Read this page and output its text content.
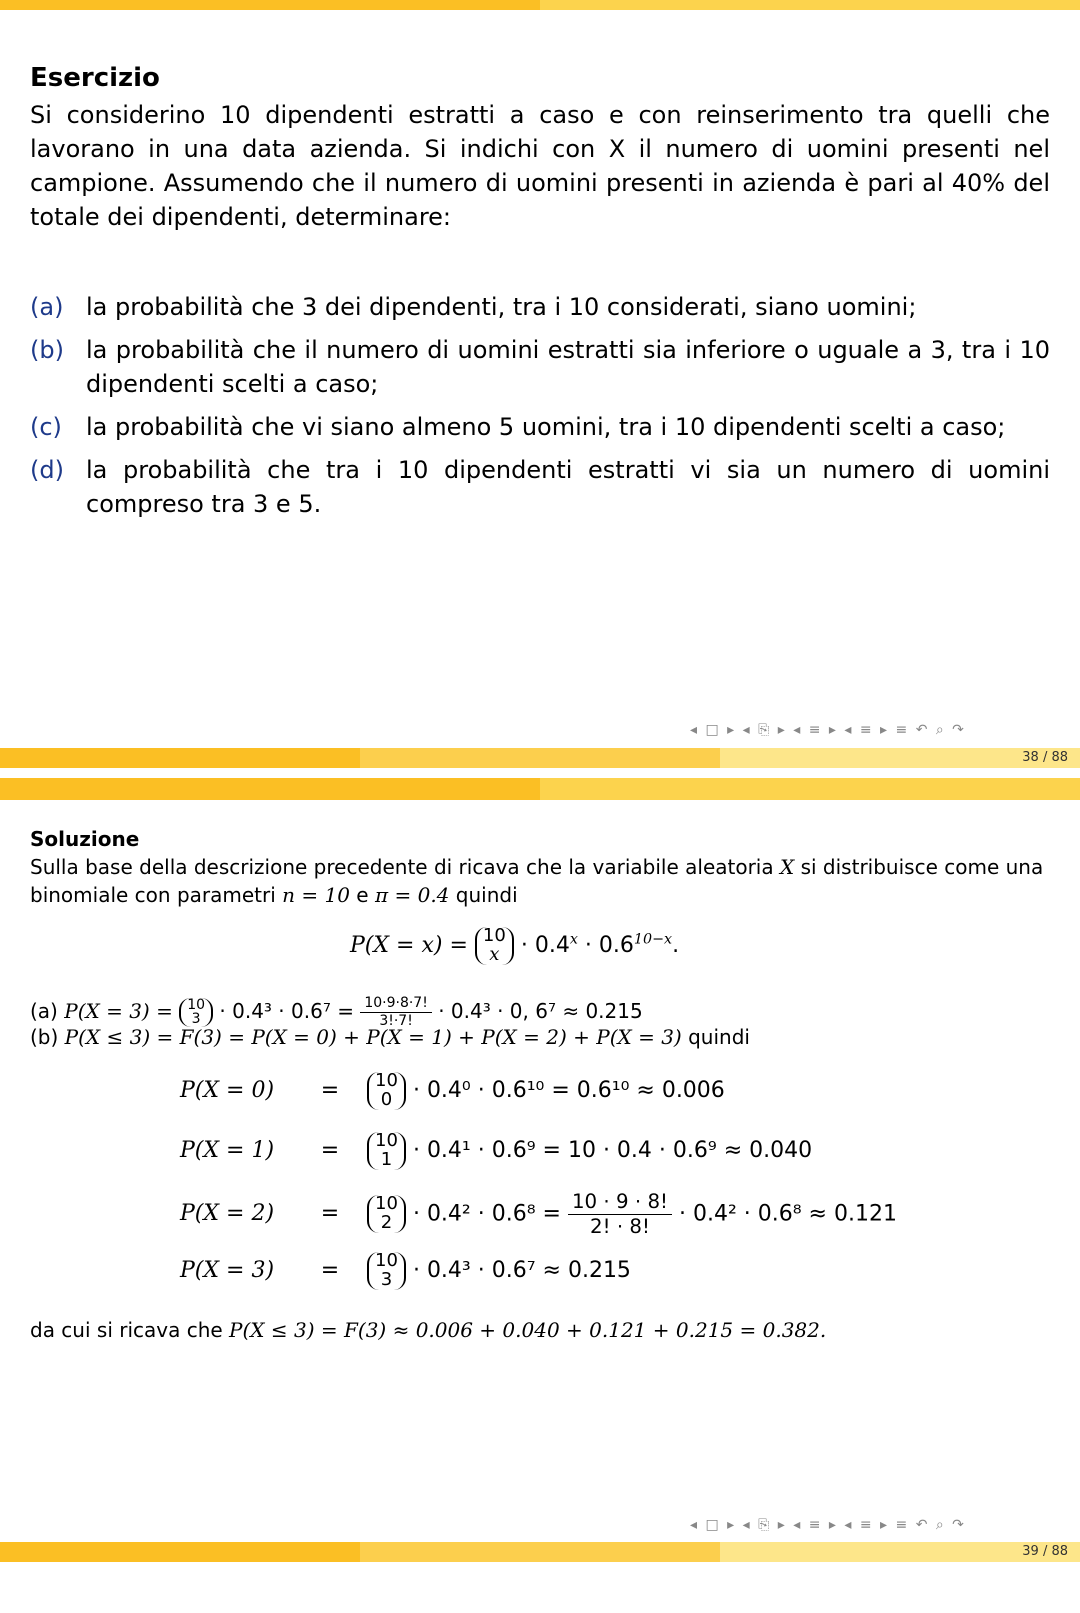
Esercizio
Si considerino 10 dipendenti estratti a caso e con reinserimento tra quelli che lavorano in una data azienda. Si indichi con X il numero di uomini presenti nel campione. Assumendo che il numero di uomini presenti in azienda è pari al 40% del totale dei dipendenti, determinare:
(a) la probabilità che 3 dei dipendenti, tra i 10 considerati, siano uomini;
(b) la probabilità che il numero di uomini estratti sia inferiore o uguale a 3, tra i 10 dipendenti scelti a caso;
(c)	la probabilità che vi siano almeno 5 uomini, tra i 10 dipendenti scelti a caso;
(d) la probabilità che tra i 10 dipendenti estratti vi sia un numero di uomini compreso tra 3 e 5.
◂ □ ▸ ◂ ⎘ ▸ ◂ ≡ ▸ ◂ ≡ ▸ ≡ ↶ ⌕ ↷
38 / 88
Soluzione
Sulla base della descrizione precedente di ricava che la variabile aleatoria X si distribuisce come una binomiale con parametri n = 10 e π = 0.4 quindi
P(X = x) = 10
$x \cdot 0.4^x \cdot 0.6^{10-x}$.
(a) P(X = 3) = 10
$3 \cdot 0.4^3 \cdot 0.6^7 = \frac{10\cdot 9\cdot 8\cdot 7!}{3!\cdot 7!} \cdot 0.4^3 \cdot 0$, 6⁷ ≈ 0.215
(b) P(X ≤ 3) = F(3) = P(X = 0) + P(X = 1) + P(X = 2) + P(X = 3) quindi
P(X = 0) = 10
0 · 0.4⁰ · 0.6¹⁰ = 0.6¹⁰ ≈ 0.006
P(X = 1) = 10
1 · 0.4¹ · 0.6⁹ = 10 · 0.4 · 0.6⁹ ≈ 0.040
P(X = 2) = 10
$2 \cdot 0.4^2 \cdot 0.6^8 = \frac{10 \cdot 9 \cdot 8!}{2! \cdot 8!} \cdot 0.4^2 \cdot 0.6^8 \approx 0.121$
P(X = 3) = 10
3 · 0.4³ · 0.6⁷ ≈ 0.215
da cui si ricava che P(X ≤ 3) = F(3) ≈ 0.006 + 0.040 + 0.121 + 0.215 = 0.382.
◂ □ ▸ ◂ ⎘ ▸ ◂ ≡ ▸ ◂ ≡ ▸ ≡ ↶ ⌕ ↷
39 / 88
